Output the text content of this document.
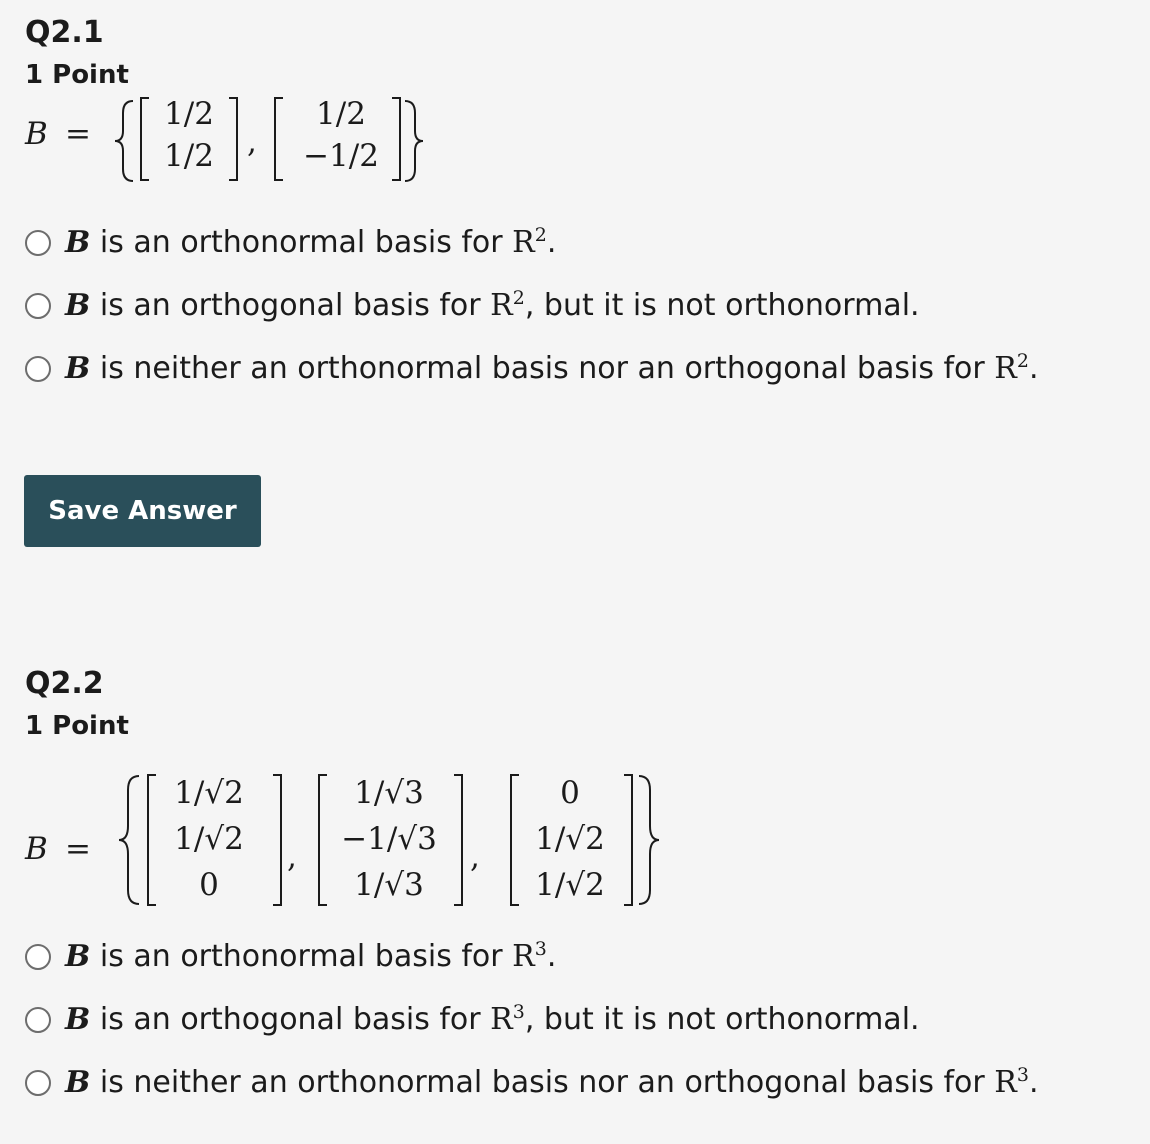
Q2.1
1 Point
B =
1/2
1/2 ,
1/2
−1/2
B is an orthonormal basis for $R^2$.
B is an orthogonal basis for $R^2$, but it is not orthonormal.
B is neither an orthonormal basis nor an orthogonal basis for $R^2$.
Save Answer
Q2.2
1 Point
B =
1/√2
1/√2
0
,
1/√3
−1/√3
1/√3
,
0
1/√2
1/√2
B is an orthonormal basis for $R^3$.
B is an orthogonal basis for $R^3$, but it is not orthonormal.
B is neither an orthonormal basis nor an orthogonal basis for $R^3$.
